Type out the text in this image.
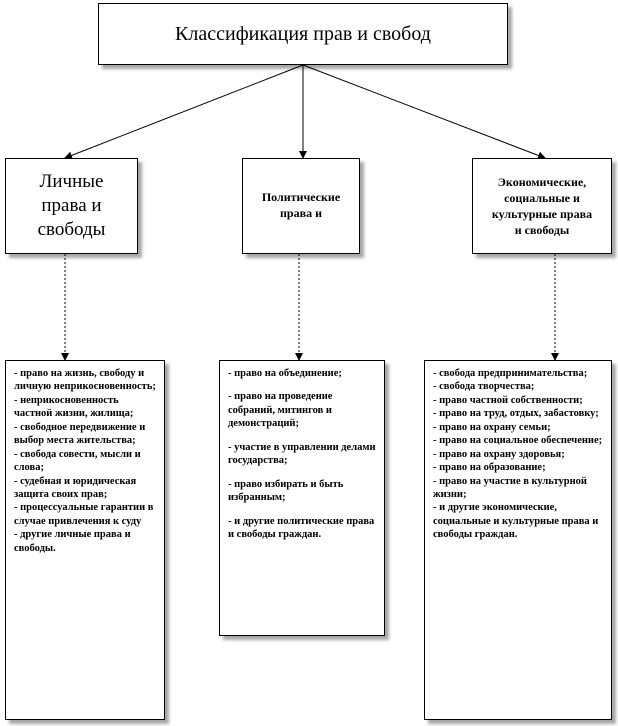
Классификация прав и свобод
Личные
права и
свободы
Политические
права и
Экономические,
социальные и
культурные права
и свободы
- право на жизнь, свободу и личную неприкосновенность;
- неприкосновенность частной жизни, жилища;
- свободное передвижение и выбор места жительства;
- свобода совести, мысли и слова;
- судебная и юридическая защита своих прав;
- процессуальные гарантии в случае привлечения к суду
- другие личные права и свободы.
- право на объединение;
- право на проведение собраний, митингов и демонстраций;
- участие в управлении делами государства;
- право избирать и быть избранным;
- и другие политические права и свободы граждан.
- свобода предпринимательства;
- свобода творчества;
- право частной собственности;
- право на труд, отдых, забастовку;
- право на охрану семьи;
- право на социальное обеспечение;
- право на охрану здоровья;
- право на образование;
- право на участие в культурной жизни;
- и другие экономические, социальные и культурные права и свободы граждан.
